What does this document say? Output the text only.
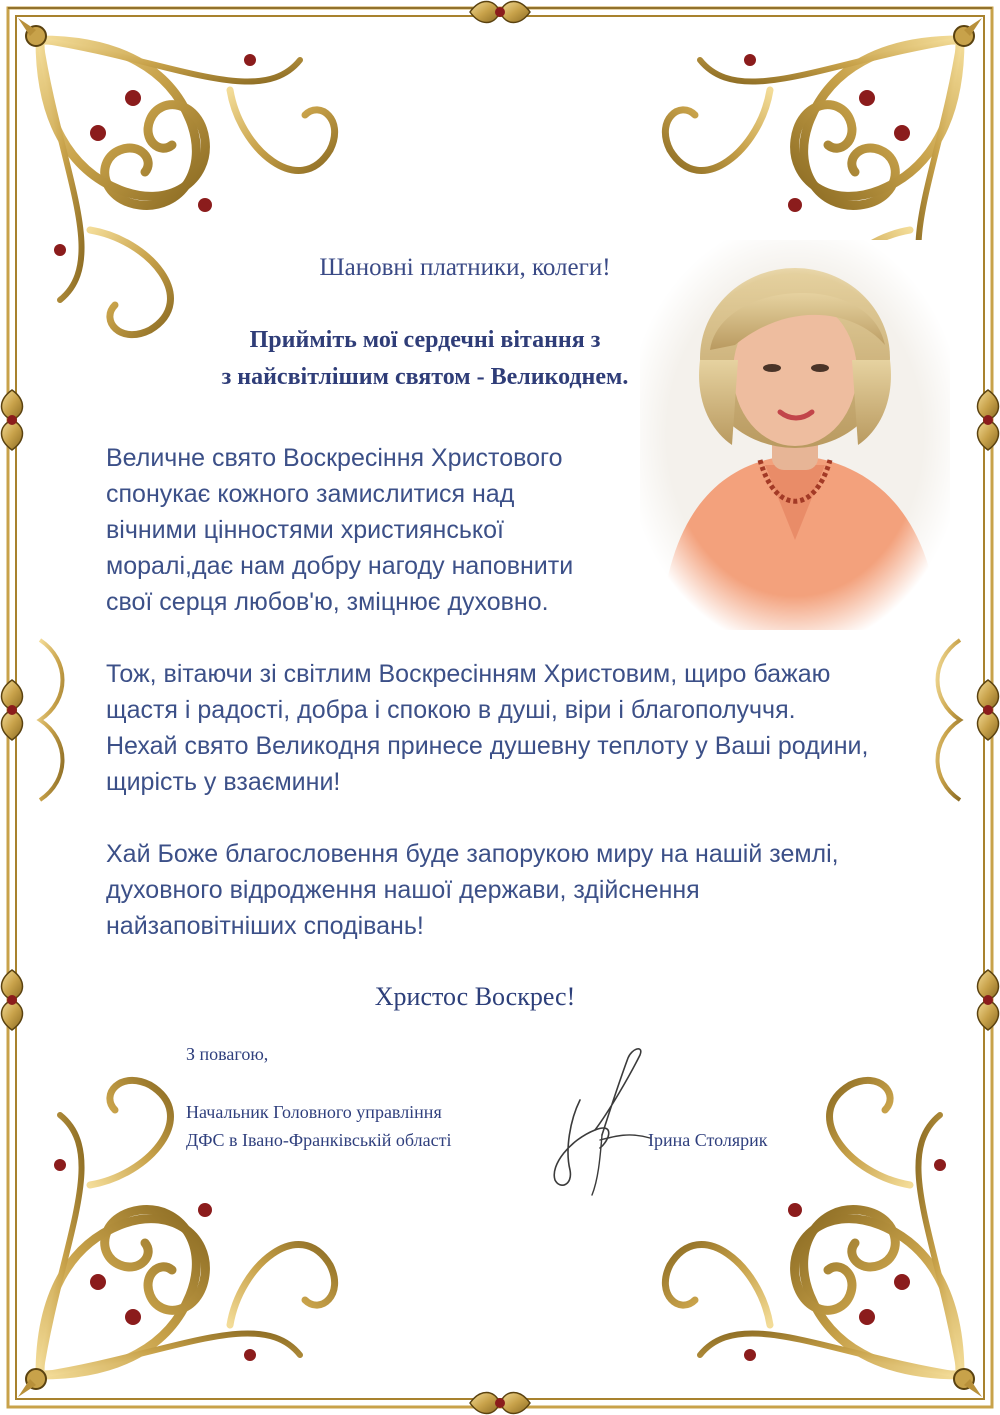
Шановні платники, колеги!
Прийміть мої сердечні вітання з
з найсвітлішим святом - Великоднем.
Величне свято Воскресіння Христового
спонукає кожного замислитися над
вічними цінностями християнської
моралі,дає нам добру нагоду наповнити
свої серця любов'ю, зміцнює духовно.
Тож, вітаючи зі світлим Воскресінням Христовим, щиро бажаю
щастя і радості, добра і спокою в душі, віри і благополуччя.
Нехай свято Великодня принесе душевну теплоту у Ваші родини,
щирість у взаємини!
Хай Боже благословення буде запорукою миру на нашій землі,
духовного відродження нашої держави, здійснення
найзаповітніших сподівань!
Христос Воскрес!
З повагою,
Начальник Головного управління
ДФС в Івано-Франківській області	Ірина Столярик
